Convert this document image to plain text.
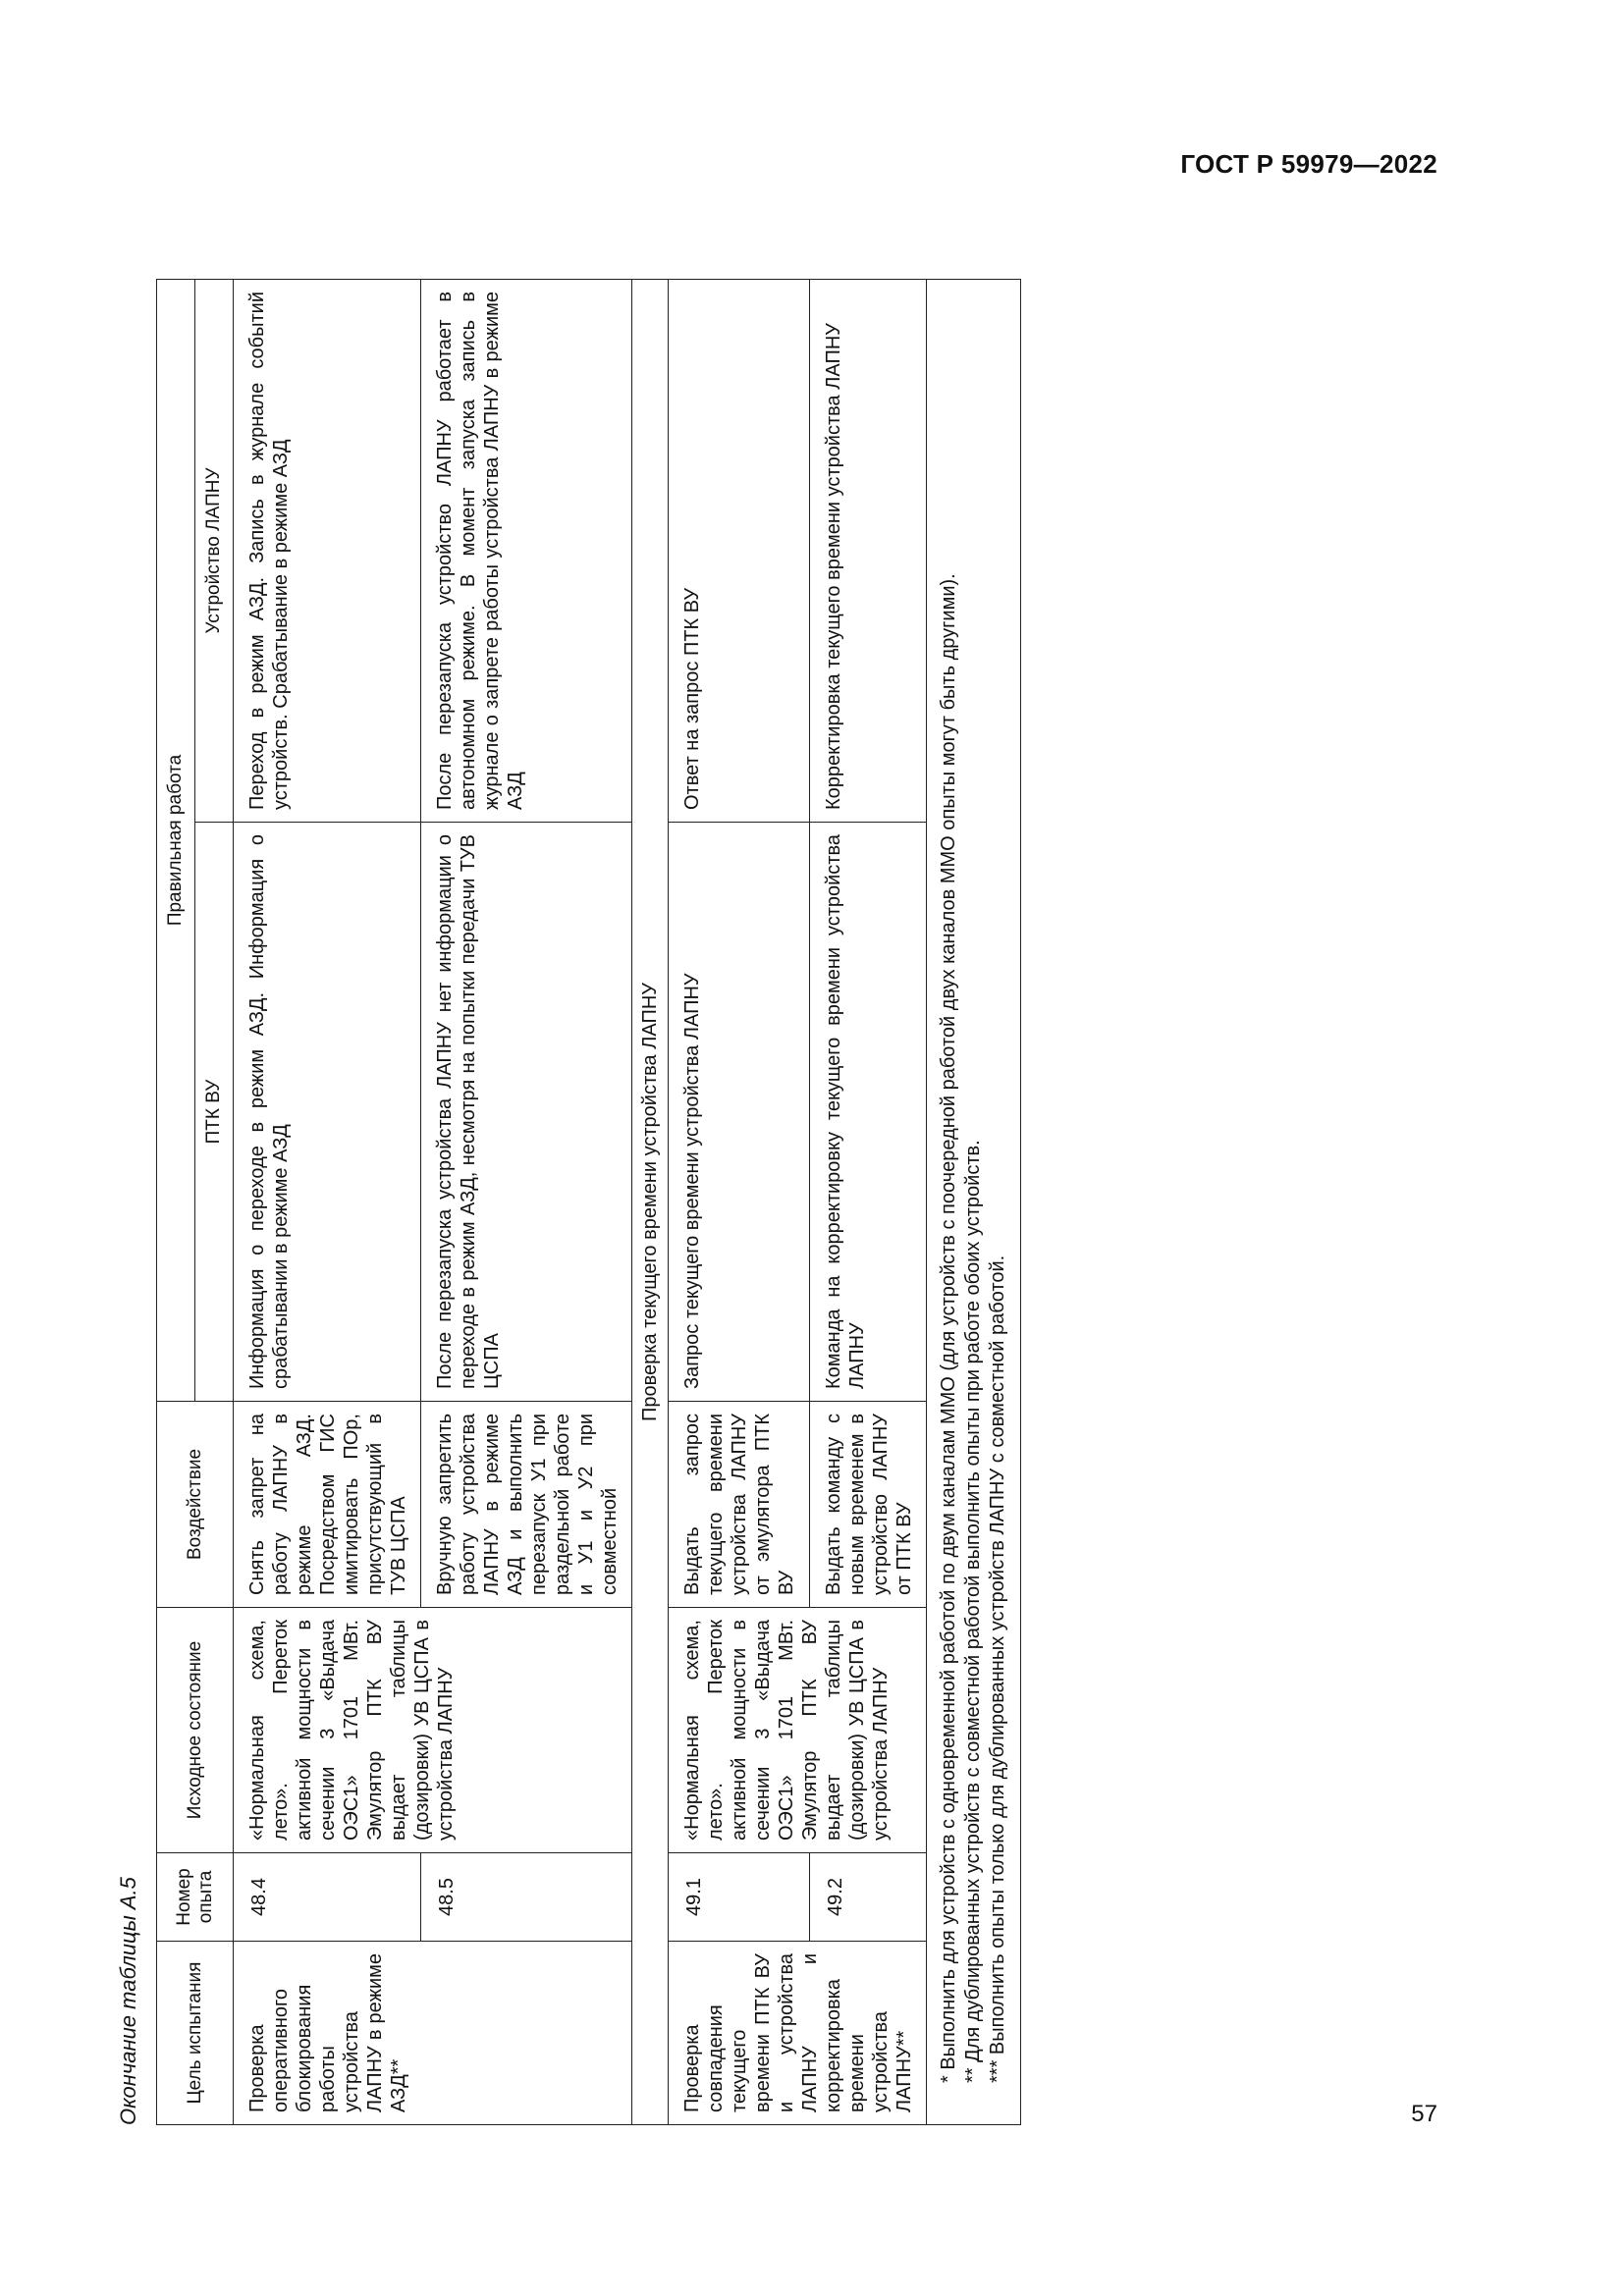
ГОСТ Р 59979—2022
Окончание таблицы А.5 Цель испытания	Номер опыта	Исходное состояние	Воздействие	Правильная работа	
				ПТК ВУ	Устройство ЛАПНУ
Проверка оперативного блокирования работы устройства ЛАПНУ в режиме АЗД**	48.4	«Нормальная схема, лето». Переток активной мощности в сечении 3 «Выдача ОЭС1» 1701 МВт. Эмулятор ПТК ВУ выдает таблицы (дозировки) УВ ЦСПА в устройства ЛАПНУ	Снять запрет на работу ЛАПНУ в режиме АЗД. Посредством ГИС имитировать ПОр, присутствующий в ТУВ ЦСПА	Информация о переходе в режим АЗД. Информация о срабатывании в режиме АЗД	Переход в режим АЗД. Запись в журнале событий устройств. Срабатывание в режиме АЗД
	48.5		Вручную запретить работу устройства ЛАПНУ в режиме АЗД и выполнить перезапуск У1 при раздельной работе и У1 и У2 при совместной	После перезапуска устройства ЛАПНУ нет информации о переходе в режим АЗД, несмотря на попытки передачи ТУВ ЦСПА	После перезапуска устройство ЛАПНУ работает в автономном режиме. В момент запуска запись в журнале о запрете работы устройства ЛАПНУ в режиме АЗД
Проверка текущего времени устройства ЛАПНУ					
Проверка совпадения текущего времени ПТК ВУ и устройства ЛАПНУ и корректировка времени устройства ЛАПНУ**	49.1	«Нормальная схема, лето». Переток активной мощности в сечении 3 «Выдача ОЭС1» 1701 МВт. Эмулятор ПТК ВУ выдает таблицы (дозировки) УВ ЦСПА в устройства ЛАПНУ	Выдать запрос текущего времени устройства ЛАПНУ от эмулятора ПТК ВУ	Запрос текущего времени устройства ЛАПНУ	Ответ на запрос ПТК ВУ
	49.2		Выдать команду с новым временем в устройство ЛАПНУ от ПТК ВУ	Команда на корректировку текущего времени устройства ЛАПНУ	Корректировка текущего времени устройства ЛАПНУ

* Выполнить для устройств с одновременной работой по двум каналам ММО (для устройств с поочередной работой двух каналов ММО опыты могут быть другими). ** Для дублированных устройств с совместной работой выполнить опыты при работе обоих устройств. *** Выполнить опыты только для дублированных устройств ЛАПНУ с совместной работой.					

57
